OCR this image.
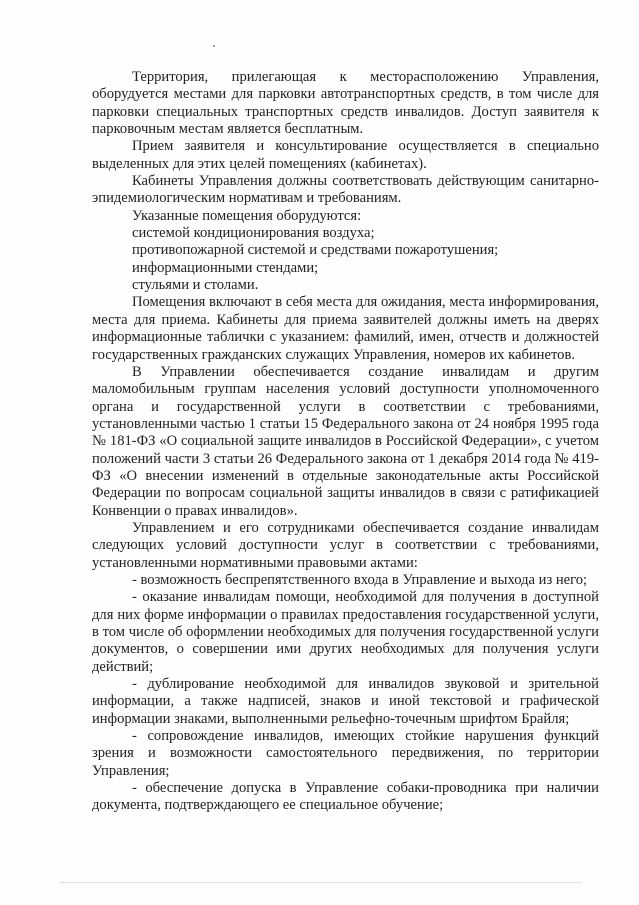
Территория, прилегающая к месторасположению Управления, оборудуется местами для парковки автотранспортных средств, в том числе для парковки специальных транспортных средств инвалидов. Доступ заявителя к парковочным местам является бесплатным.

Прием заявителя и консультирование осуществляется в специально выделенных для этих целей помещениях (кабинетах).

Кабинеты Управления должны соответствовать действующим санитарно-эпидемиологическим нормативам и требованиям.

Указанные помещения оборудуются:

системой кондиционирования воздуха;

противопожарной системой и средствами пожаротушения;

информационными стендами;

стульями и столами.

Помещения включают в себя места для ожидания, места информирования, места для приема. Кабинеты для приема заявителей должны иметь на дверях информационные таблички с указанием: фамилий, имен, отчеств и должностей государственных гражданских служащих Управления, номеров их кабинетов.

В Управлении обеспечивается создание инвалидам и другим маломобильным группам населения условий доступности уполномоченного органа и государственной услуги в соответствии с требованиями, установленными частью 1 статьи 15 Федерального закона от 24 ноября 1995 года № 181-ФЗ «О социальной защите инвалидов в Российской Федерации», с учетом положений части 3 статьи 26 Федерального закона от 1 декабря 2014 года № 419-ФЗ «О внесении изменений в отдельные законодательные акты Российской Федерации по вопросам социальной защиты инвалидов в связи с ратификацией Конвенции о правах инвалидов».

Управлением и его сотрудниками обеспечивается создание инвалидам следующих условий доступности услуг в соответствии с требованиями, установленными нормативными правовыми актами:

- возможность беспрепятственного входа в Управление и выхода из него;

- оказание инвалидам помощи, необходимой для получения в доступной для них форме информации о правилах предоставления государственной услуги, в том числе об оформлении необходимых для получения государственной услуги документов, о совершении ими других необходимых для получения услуги действий;

- дублирование необходимой для инвалидов звуковой и зрительной информации, а также надписей, знаков и иной текстовой и графической информации знаками, выполненными рельефно-точечным шрифтом Брайля;

- сопровождение инвалидов, имеющих стойкие нарушения функций зрения и возможности самостоятельного передвижения, по территории Управления;

- обеспечение допуска в Управление собаки-проводника при наличии документа, подтверждающего ее специальное обучение;
